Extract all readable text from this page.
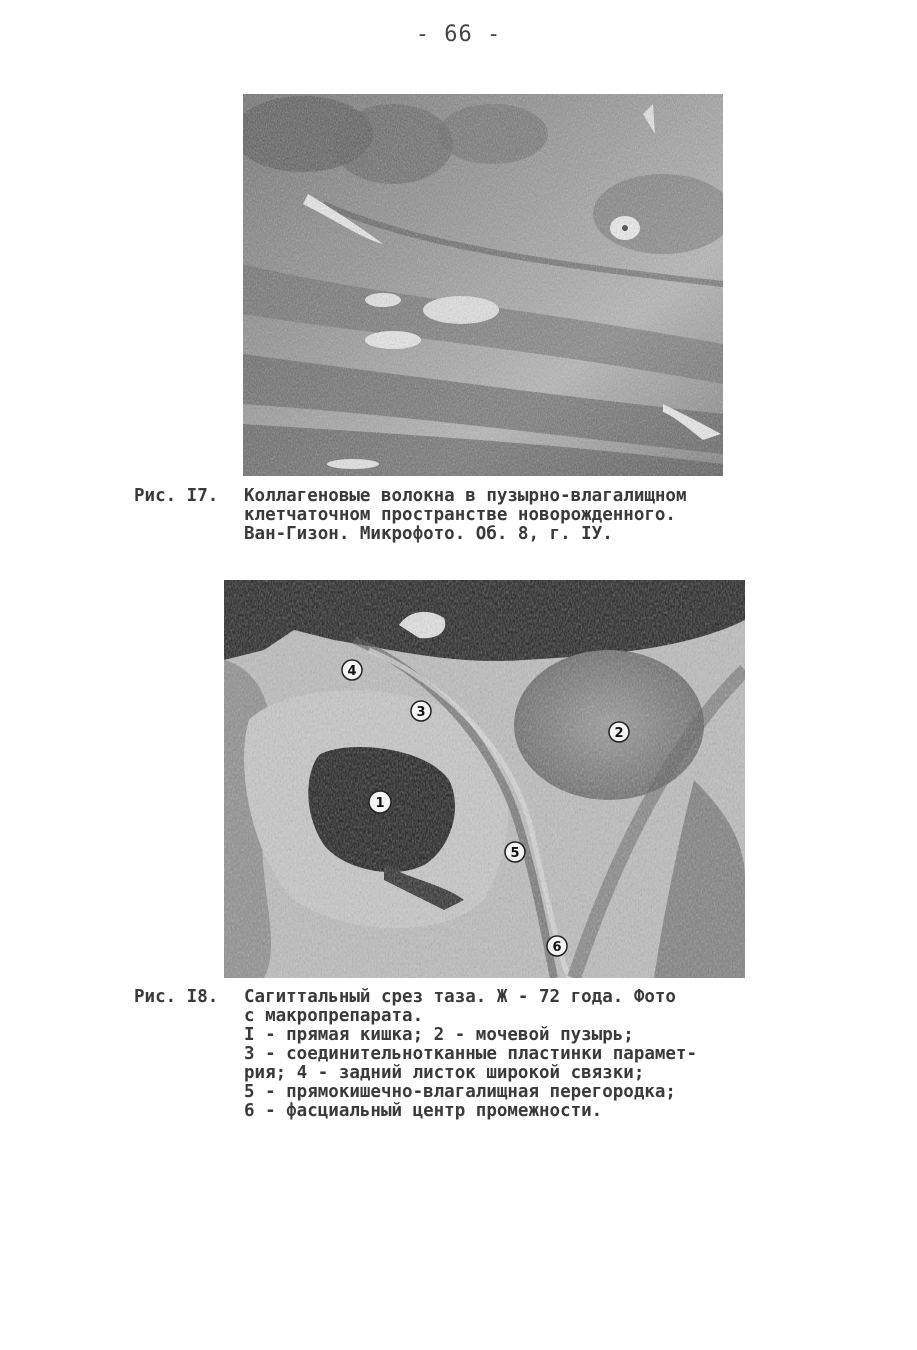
- 66 -
Рис. I7. Коллагеновые волокна в пузырно-влагалищном
клетчаточном пространстве новорожденного.
Ван-Гизон. Микрофото. Об. 8, г. IУ.
1
2
3
4
5
6
Рис. I8. Сагиттальный срез таза. Ж - 72 года. Фото
с макропрепарата.
I - прямая кишка; 2 - мочевой пузырь;
3 - соединительнотканные пластинки парамет-
рия; 4 - задний листок широкой связки;
5 - прямокишечно-влагалищная перегородка;
6 - фасциальный центр промежности.
